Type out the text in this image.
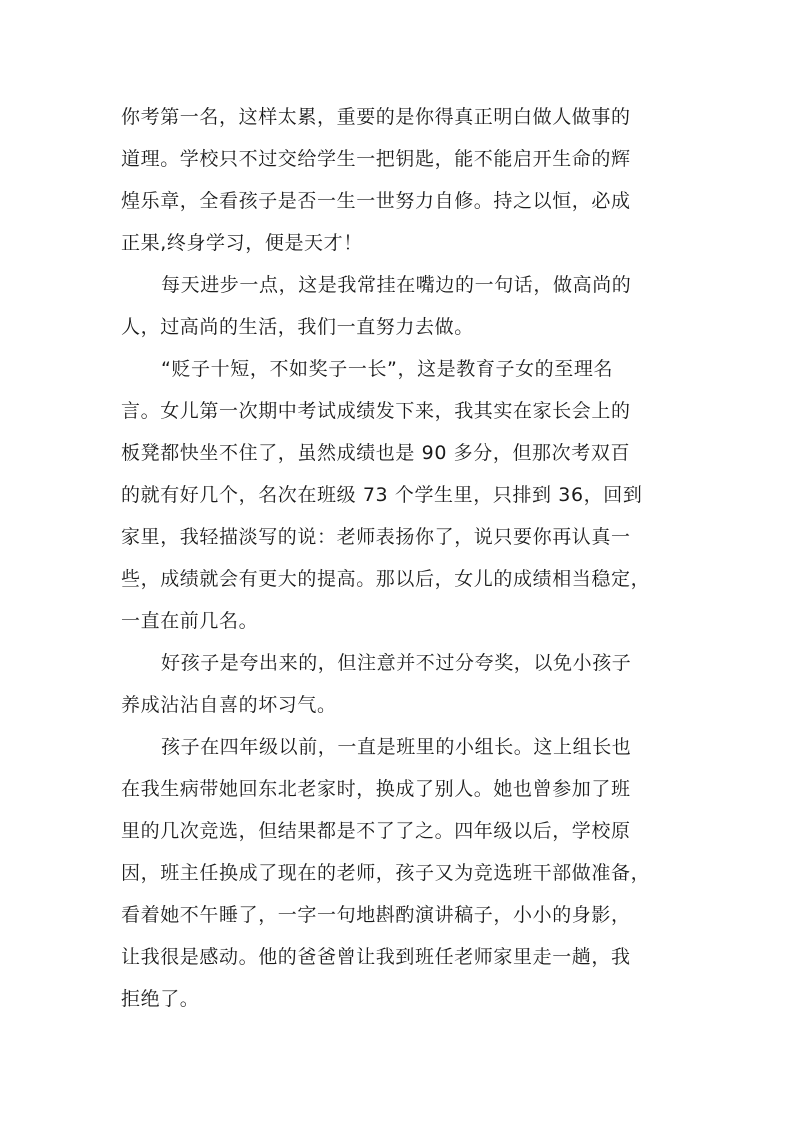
你考第一名，这样太累，重要的是你得真正明白做人做事的
道理。学校只不过交给学生一把钥匙，能不能启开生命的辉
煌乐章，全看孩子是否一生一世努力自修。持之以恒，必成
正果,终身学习，便是天才！
每天进步一点，这是我常挂在嘴边的一句话，做高尚的
人，过高尚的生活，我们一直努力去做。
“贬子十短，不如奖子一长”，这是教育子女的至理名
言。女儿第一次期中考试成绩发下来，我其实在家长会上的
板凳都快坐不住了，虽然成绩也是 90 多分，但那次考双百
的就有好几个，名次在班级 73 个学生里，只排到 36，回到
家里，我轻描淡写的说：老师表扬你了，说只要你再认真一
些，成绩就会有更大的提高。那以后，女儿的成绩相当稳定，
一直在前几名。
好孩子是夸出来的，但注意并不过分夸奖，以免小孩子
养成沾沾自喜的坏习气。
孩子在四年级以前，一直是班里的小组长。这上组长也
在我生病带她回东北老家时，换成了别人。她也曾参加了班
里的几次竞选，但结果都是不了了之。四年级以后，学校原
因，班主任换成了现在的老师，孩子又为竞选班干部做准备，
看着她不午睡了，一字一句地斟酌演讲稿子，小小的身影，
让我很是感动。他的爸爸曾让我到班任老师家里走一趟，我
拒绝了。
